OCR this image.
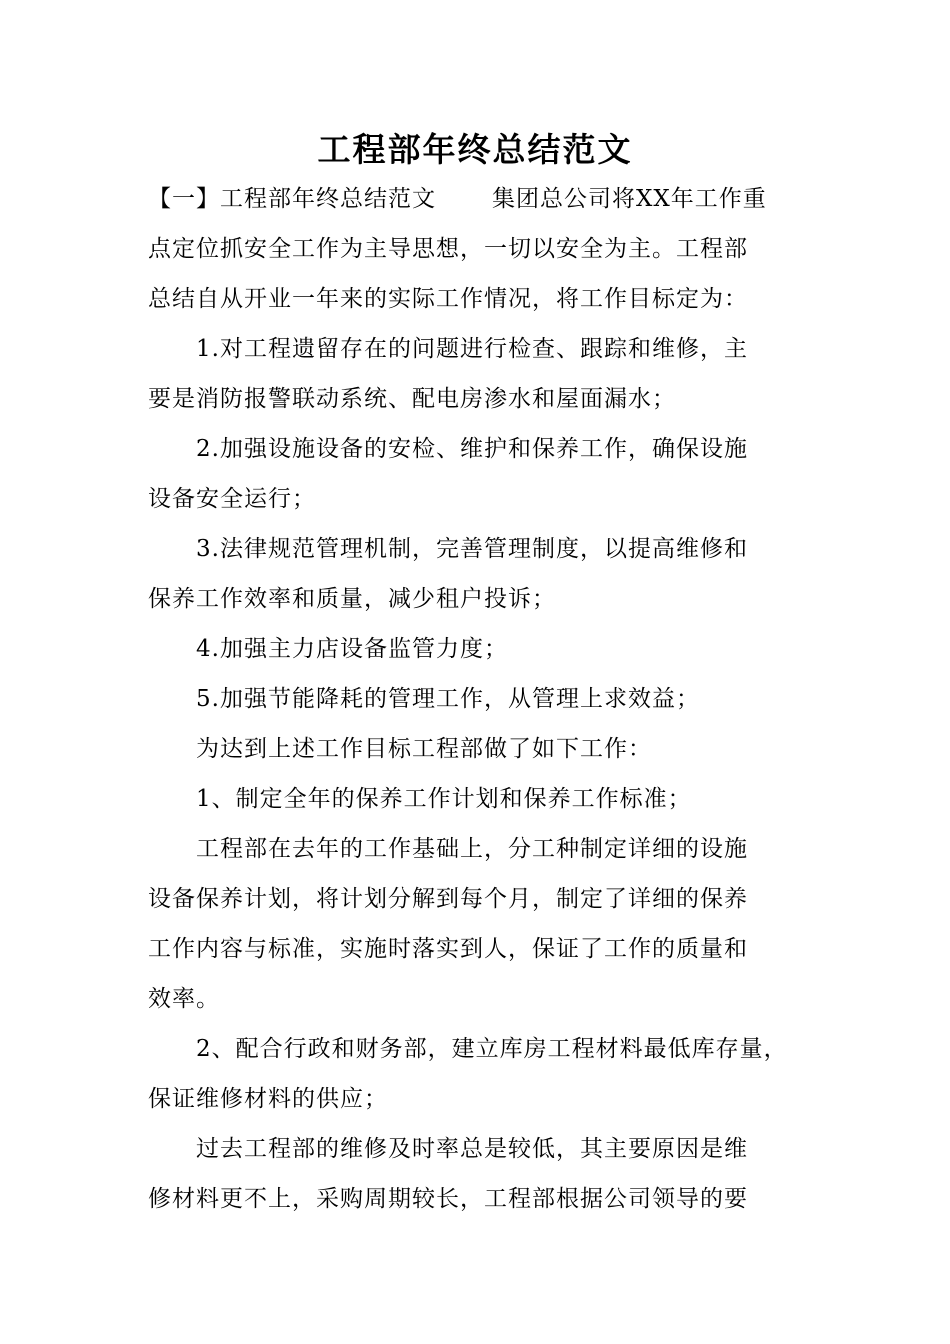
工程部年终总结范文

【一】工程部年终总结范文 集团总公司将XX年工作重

点定位抓安全工作为主导思想，一切以安全为主。工程部

总结自从开业一年来的实际工作情况，将工作目标定为：

1.对工程遗留存在的问题进行检查、跟踪和维修，主

要是消防报警联动系统、配电房渗水和屋面漏水；

2.加强设施设备的安检、维护和保养工作，确保设施

设备安全运行；

3.法律规范管理机制，完善管理制度，以提高维修和

保养工作效率和质量，减少租户投诉；

4.加强主力店设备监管力度；

5.加强节能降耗的管理工作，从管理上求效益；

为达到上述工作目标工程部做了如下工作：

1、制定全年的保养工作计划和保养工作标准；

工程部在去年的工作基础上，分工种制定详细的设施

设备保养计划，将计划分解到每个月，制定了详细的保养

工作内容与标准，实施时落实到人，保证了工作的质量和

效率。

2、配合行政和财务部，建立库房工程材料最低库存量，

保证维修材料的供应；

过去工程部的维修及时率总是较低，其主要原因是维

修材料更不上，采购周期较长，工程部根据公司领导的要
